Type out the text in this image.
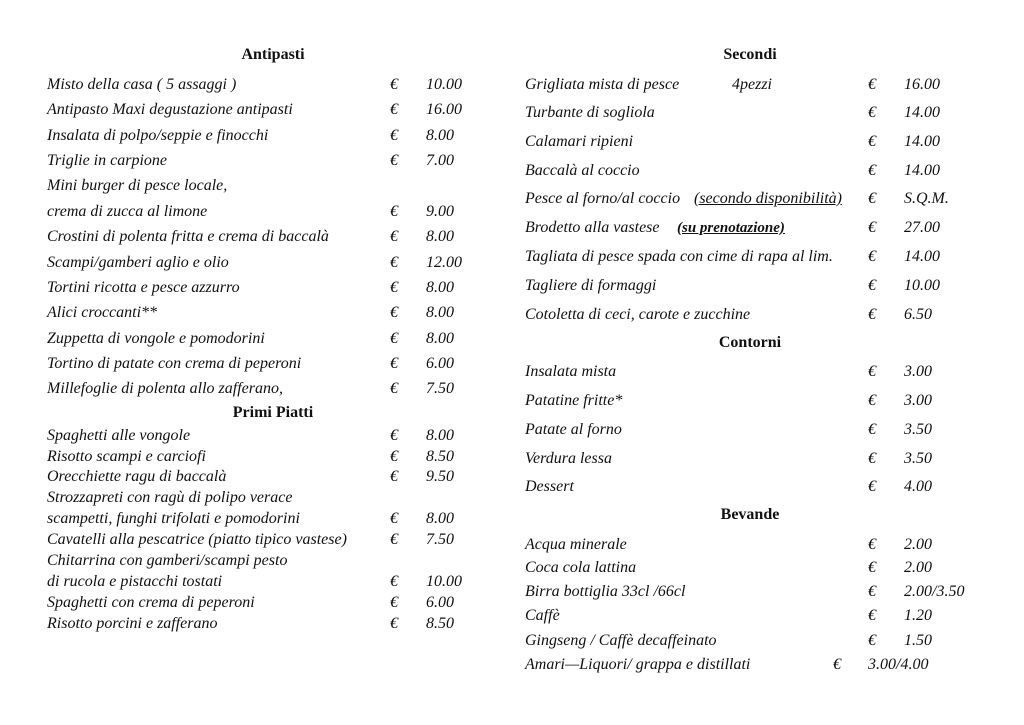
Antipasti
Misto della casa ( 5 assaggi )	€ 10.00
Antipasto Maxi degustazione antipasti	€ 16.00
Insalata di polpo/seppie e finocchi	€ 8.00
Triglie in carpione	€ 7.00
Mini burger di pesce locale,
crema di zucca al limone	€ 9.00
Crostini di polenta fritta e crema di baccalà	€ 8.00
Scampi/gamberi aglio e olio	€ 12.00
Tortini ricotta e pesce azzurro	€ 8.00
Alici croccanti**	€ 8.00
Zuppetta di vongole e pomodorini	€ 8.00
Tortino di patate con crema di peperoni	€ 6.00
Millefoglie di polenta allo zafferano,	€ 7.50
Primi Piatti
Spaghetti alle vongole	€ 8.00
Risotto scampi e carciofi	€ 8.50
Orecchiette ragu di baccalà	€ 9.50
Strozzapreti con ragù di polipo verace
scampetti, funghi trifolati e pomodorini	€ 8.00
Cavatelli alla pescatrice (piatto tipico vastese)	€ 7.50
Chitarrina con gamberi/scampi pesto
di rucola e pistacchi tostati	€ 10.00
Spaghetti con crema di peperoni	€ 6.00
Risotto porcini e zafferano	€ 8.50
Secondi
Grigliata mista di pesce	4pezzi	€ 16.00
Turbante di sogliola	€ 14.00
Calamari ripieni	€ 14.00
Baccalà al coccio	€ 14.00
Pesce al forno/al coccio (secondo disponibilità) € S.Q.M.
Brodetto alla vastese (su prenotazione)	€ 27.00
Tagliata di pesce spada con cime di rapa al lim. € 14.00
Tagliere di formaggi	€ 10.00
Cotoletta di ceci, carote e zucchine	€ 6.50
Contorni
Insalata mista	€ 3.00
Patatine fritte*	€ 3.00
Patate al forno	€ 3.50
Verdura lessa	€ 3.50
Dessert	€ 4.00
Bevande
Acqua minerale	€ 2.00
Coca cola lattina	€ 2.00
Birra bottiglia 33cl /66cl	€ 2.00/3.50
Caffè	€ 1.20
Gingseng / Caffè decaffeinato	€ 1.50
Amari—Liquori/ grappa e distillati	€ 3.00/4.00
